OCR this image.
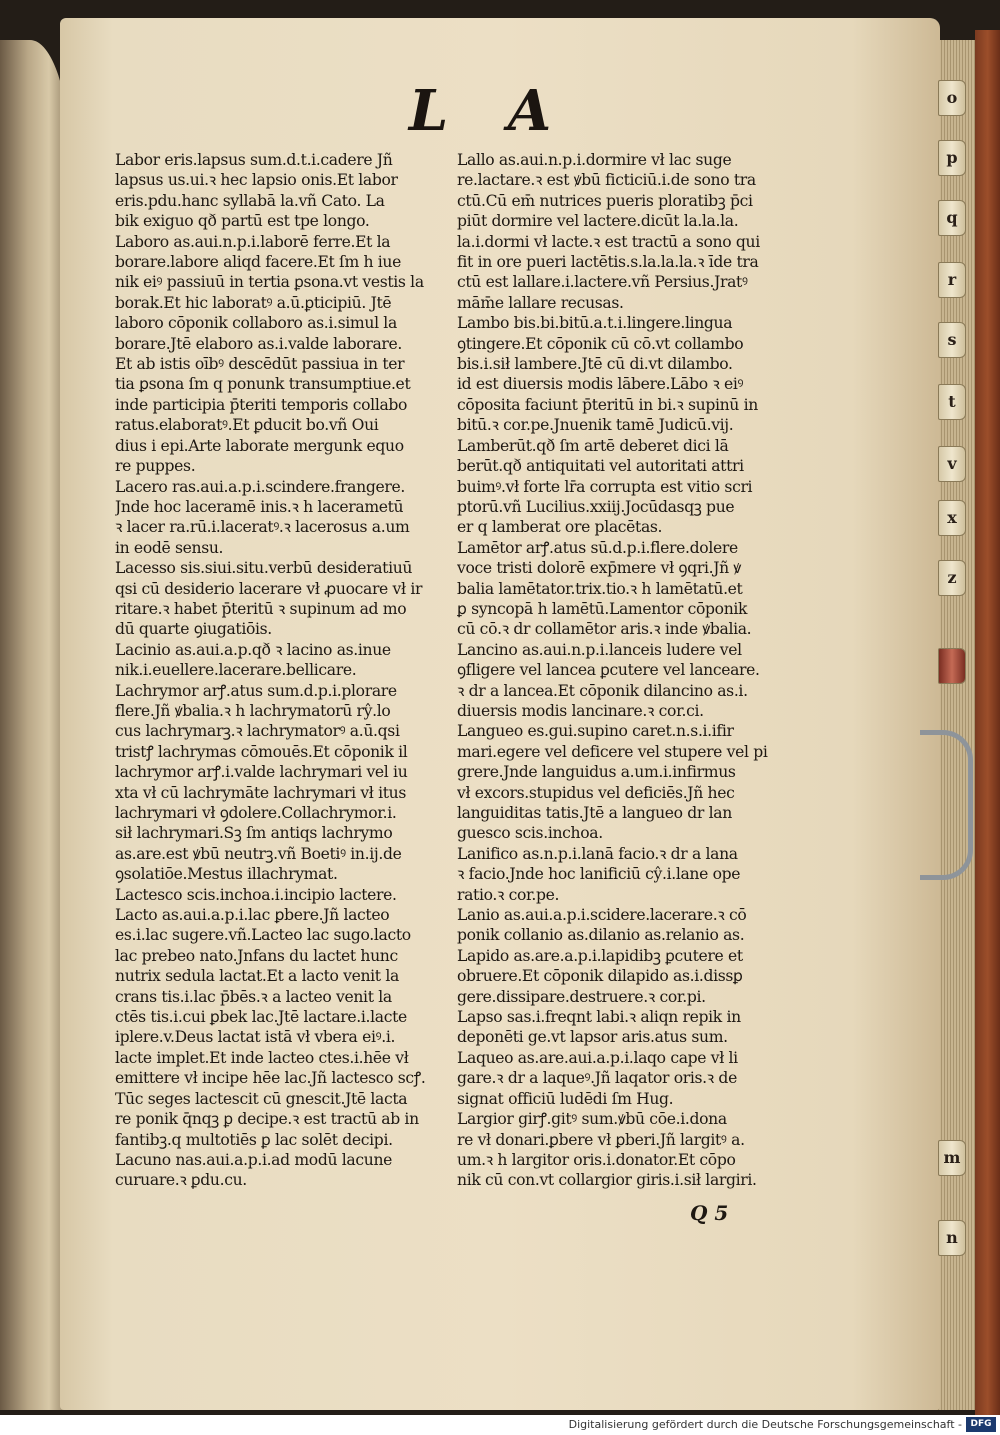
L A
Labor eris.lapsus sum.d.t.i.cadere Jñ
lapsus us.ui.ꝛ hec lapsio onis.Et labor
eris.pdu.hanc syllabā la.vñ Cato. La
bik exiguo qð partū est tpe longo.
Laboro as.aui.n.p.i.laborē ferre.Et la
borare.labore aliqd facere.Et ſm h iue
nik eiꝰ passiuū in tertia ꝑsona.vt vestis la
borak.Et hic laboratꝰ a.ū.ꝑticipiū. Jtē
laboro cōponik collaboro as.i.simul la
borare.Jtē elaboro as.i.valde laborare.
Et ab istis oībꝰ descēdūt passiua in ter
tia ꝑsona ſm q ponunk transumptiue.et
inde participia p̄teriti temporis collabo
ratus.elaboratꝰ.Et ꝑducit bo.vñ Oui
dius i epi.Arte laborate mergunk equo
re puppes.
Lacero ras.aui.a.p.i.scindere.frangere.
Jnde hoc laceramē inis.ꝛ h lacerametū
ꝛ lacer ra.rū.i.laceratꝰ.ꝛ lacerosus a.um
in eodē sensu.
Lacesso sis.siui.situ.verbū desideratiuū
qsi cū desiderio lacerare vł ꝓuocare vł ir
ritare.ꝛ habet p̄teritū ꝛ supinum ad mo
dū quarte ꝯiugatiōis.
Lacinio as.aui.a.p.qð ꝛ lacino as.inue
nik.i.euellere.lacerare.bellicare.
Lachrymor arꝭ.atus sum.d.p.i.plorare
flere.Jñ ꝟbalia.ꝛ h lachrymatorū rŷ.lo
cus lachrymarꝫ.ꝛ lachrymatorꝰ a.ū.qsi
tristꝭ lachrymas cōmouēs.Et cōponik il
lachrymor arꝭ.i.valde lachrymari vel iu
xta vł cū lachrymāte lachrymari vł itus
lachrymari vł ꝯdolere.Collachrymor.i.
sił lachrymari.Sꝫ ſm antiqs lachrymo
as.are.est ꝟbū neutrꝫ.vñ Boetiꝰ in.ij.de
ꝯsolatiōe.Mestus illachrymat.
Lactesco scis.inchoa.i.incipio lactere.
Lacto as.aui.a.p.i.lac ꝑbere.Jñ lacteo
es.i.lac sugere.vñ.Lacteo lac sugo.lacto
lac prebeo nato.Jnfans du lactet hunc
nutrix sedula lactat.Et a lacto venit la
crans tis.i.lac p̄bēs.ꝛ a lacteo venit la
ctēs tis.i.cui ꝑbek lac.Jtē lactare.i.lacte
iplere.v.Deus lactat istā vł vbera eiꝰ.i.
lacte implet.Et inde lacteo ctes.i.hēe vł
emittere vł incipe hēe lac.Jñ lactesco scꝭ.
Tūc seges lactescit cū gnescit.Jtē lacta
re ponik q̄nqꝫ ꝑ decipe.ꝛ est tractū ab in
fantibꝫ.q multotiēs ꝑ lac solēt decipi.
Lacuno nas.aui.a.p.i.ad modū lacune
curuare.ꝛ ꝑdu.cu.
Lallo as.aui.n.p.i.dormire vł lac suge
re.lactare.ꝛ est ꝟbū ficticiū.i.de sono tra
ctū.Cū em̄ nutrices pueris ploratibꝫ p̄ci
piūt dormire vel lactere.dicūt la.la.la.
la.i.dormi vł lacte.ꝛ est tractū a sono qui
fit in ore pueri lactētis.s.la.la.la.ꝛ īde tra
ctū est lallare.i.lactere.vñ Persius.Jratꝰ
mām̄e lallare recusas.
Lambo bis.bi.bitū.a.t.i.lingere.lingua
ꝯtingere.Et cōponik cū cō.vt collambo
bis.i.sił lambere.Jtē cū di.vt dilambo.
id est diuersis modis lābere.Lābo ꝛ eiꝰ
cōposita faciunt p̄teritū in bi.ꝛ supinū in
bitū.ꝛ cor.pe.Jnuenik tamē Judicū.vij.
Lamberūt.qð ſm artē deberet dici lā
berūt.qð antiquitati vel autoritati attri
buimꝰ.vł forte lr̄a corrupta est vitio scri
ptorū.vñ Lucilius.xxiij.Jocūdasqꝫ pue
er q lamberat ore placētas.
Lamētor arꝭ.atus sū.d.p.i.flere.dolere
voce tristi dolorē exp̄mere vł ꝯqri.Jñ ꝟ
balia lamētator.trix.tio.ꝛ h lamētatū.et
ꝑ syncopā h lamētū.Lamentor cōponik
cū cō.ꝛ dr collamētor aris.ꝛ inde ꝟbalia.
Lancino as.aui.n.p.i.lanceis ludere vel
ꝯfligere vel lancea ꝑcutere vel lanceare.
ꝛ dr a lancea.Et cōponik dilancino as.i.
diuersis modis lancinare.ꝛ cor.ci.
Langueo es.gui.supino caret.n.s.i.ifir
mari.egere vel deficere vel stupere vel pi
grere.Jnde languidus a.um.i.infirmus
vł excors.stupidus vel deficiēs.Jñ hec
languiditas tatis.Jtē a langueo dr lan
guesco scis.inchoa.
Lanifico as.n.p.i.lanā facio.ꝛ dr a lana
ꝛ facio.Jnde hoc lanificiū cŷ.i.lane ope
ratio.ꝛ cor.pe.
Lanio as.aui.a.p.i.scidere.lacerare.ꝛ cō
ponik collanio as.dilanio as.relanio as.
Lapido as.are.a.p.i.lapidibꝫ ꝑcutere et
obruere.Et cōponik dilapido as.i.dissꝑ
gere.dissipare.destruere.ꝛ cor.pi.
Lapso sas.i.freqnt labi.ꝛ aliqn repik in
deponēti ge.vt lapsor aris.atus sum.
Laqueo as.are.aui.a.p.i.laqo cape vł li
gare.ꝛ dr a laqueꝰ.Jñ laqator oris.ꝛ de
signat officiū ludēdi ſm Hug.
Largior girꝭ.gitꝰ sum.ꝟbū cōe.i.dona
re vł donari.ꝑbere vł ꝑberi.Jñ largitꝰ a.
um.ꝛ h largitor oris.i.donator.Et cōpo
nik cū con.vt collargior giris.i.sił largiri.
Q 5
o
p
q
r
s
t
v
x
z
m
n
Digitalisierung gefördert durch die Deutsche Forschungsgemeinschaft - DFG
